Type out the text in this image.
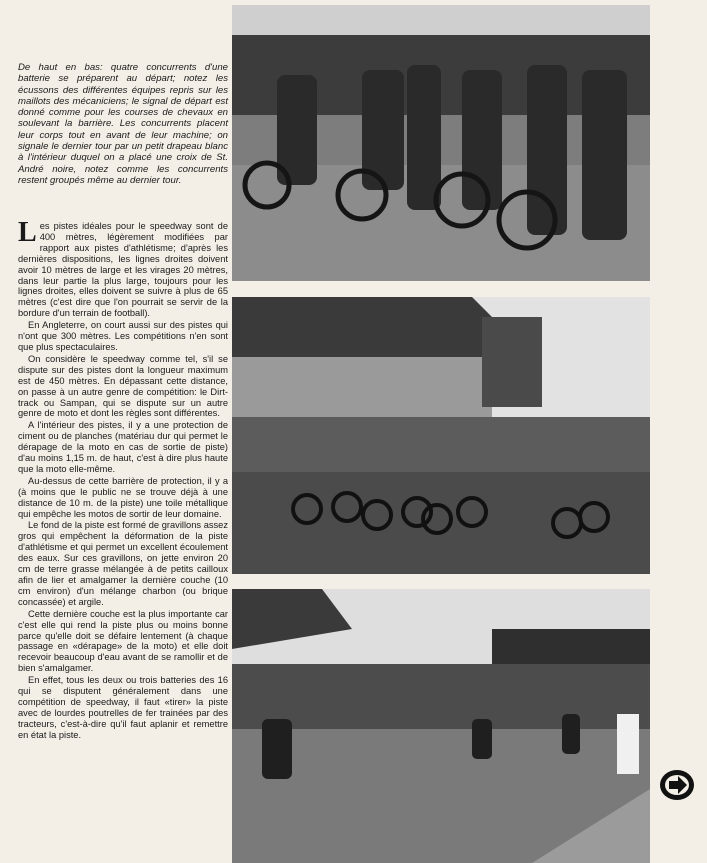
De haut en bas: quatre concurrents d'une batterie se préparent au départ; notez les écussons des différentes équipes repris sur les maillots des mécaniciens; le signal de départ est donné comme pour les courses de chevaux en soulevant la barrière. Les concurrents placent leur corps tout en avant de leur machine; on signale le dernier tour par un petit drapeau blanc à l'intérieur duquel on a placé une croix de St. André noire, notez comme les concurrents restent groupés même au dernier tour.

Les pistes idéales pour le speedway sont de 400 mètres, légèrement modifiées par rapport aux pistes d'athlétisme; d'après les dernières dispositions, les lignes droites doivent avoir 10 mètres de large et les virages 20 mètres, dans leur partie la plus large, toujours pour les lignes droites, elles doivent se suivre à plus de 65 mètres (c'est dire que l'on pourrait se servir de la bordure d'un terrain de football).

En Angleterre, on court aussi sur des pistes qui n'ont que 300 mètres. Les compétitions n'en sont que plus spectaculaires.

On considère le speedway comme tel, s'il se dispute sur des pistes dont la longueur maximum est de 450 mètres. En dépassant cette distance, on passe à un autre genre de compétition: le Dirt-track ou Sampan, qui se dispute sur un autre genre de moto et dont les règles sont différentes.

A l'intérieur des pistes, il y a une protection de ciment ou de planches (matériau dur qui permet le dérapage de la moto en cas de sortie de piste) d'au moins 1,15 m. de haut, c'est à dire plus haute que la moto elle-même.

Au-dessus de cette barrière de protection, il y a (à moins que le public ne se trouve déjà à une distance de 10 m. de la piste) une toile métallique qui empêche les motos de sortir de leur domaine.

Le fond de la piste est formé de gravillons assez gros qui empêchent la déformation de la piste d'athlétisme et qui permet un excellent écoulement des eaux. Sur ces gravillons, on jette environ 20 cm de terre grasse mélangée à de petits cailloux afin de lier et amalgamer la dernière couche (10 cm environ) d'un mélange charbon (ou brique concassée) et argile.

Cette dernière couche est la plus importante car c'est elle qui rend la piste plus ou moins bonne parce qu'elle doit se défaire lentement (à chaque passage en «dérapage» de la moto) et elle doit recevoir beaucoup d'eau avant de se ramollir et de bien s'amalgamer.

En effet, tous les deux ou trois batteries des 16 qui se disputent généralement dans une compétition de speedway, il faut «tirer» la piste avec de lourdes poutrelles de fer trainées par des tracteurs, c'est-à-dire qu'il faut aplanir et remettre en état la piste.
